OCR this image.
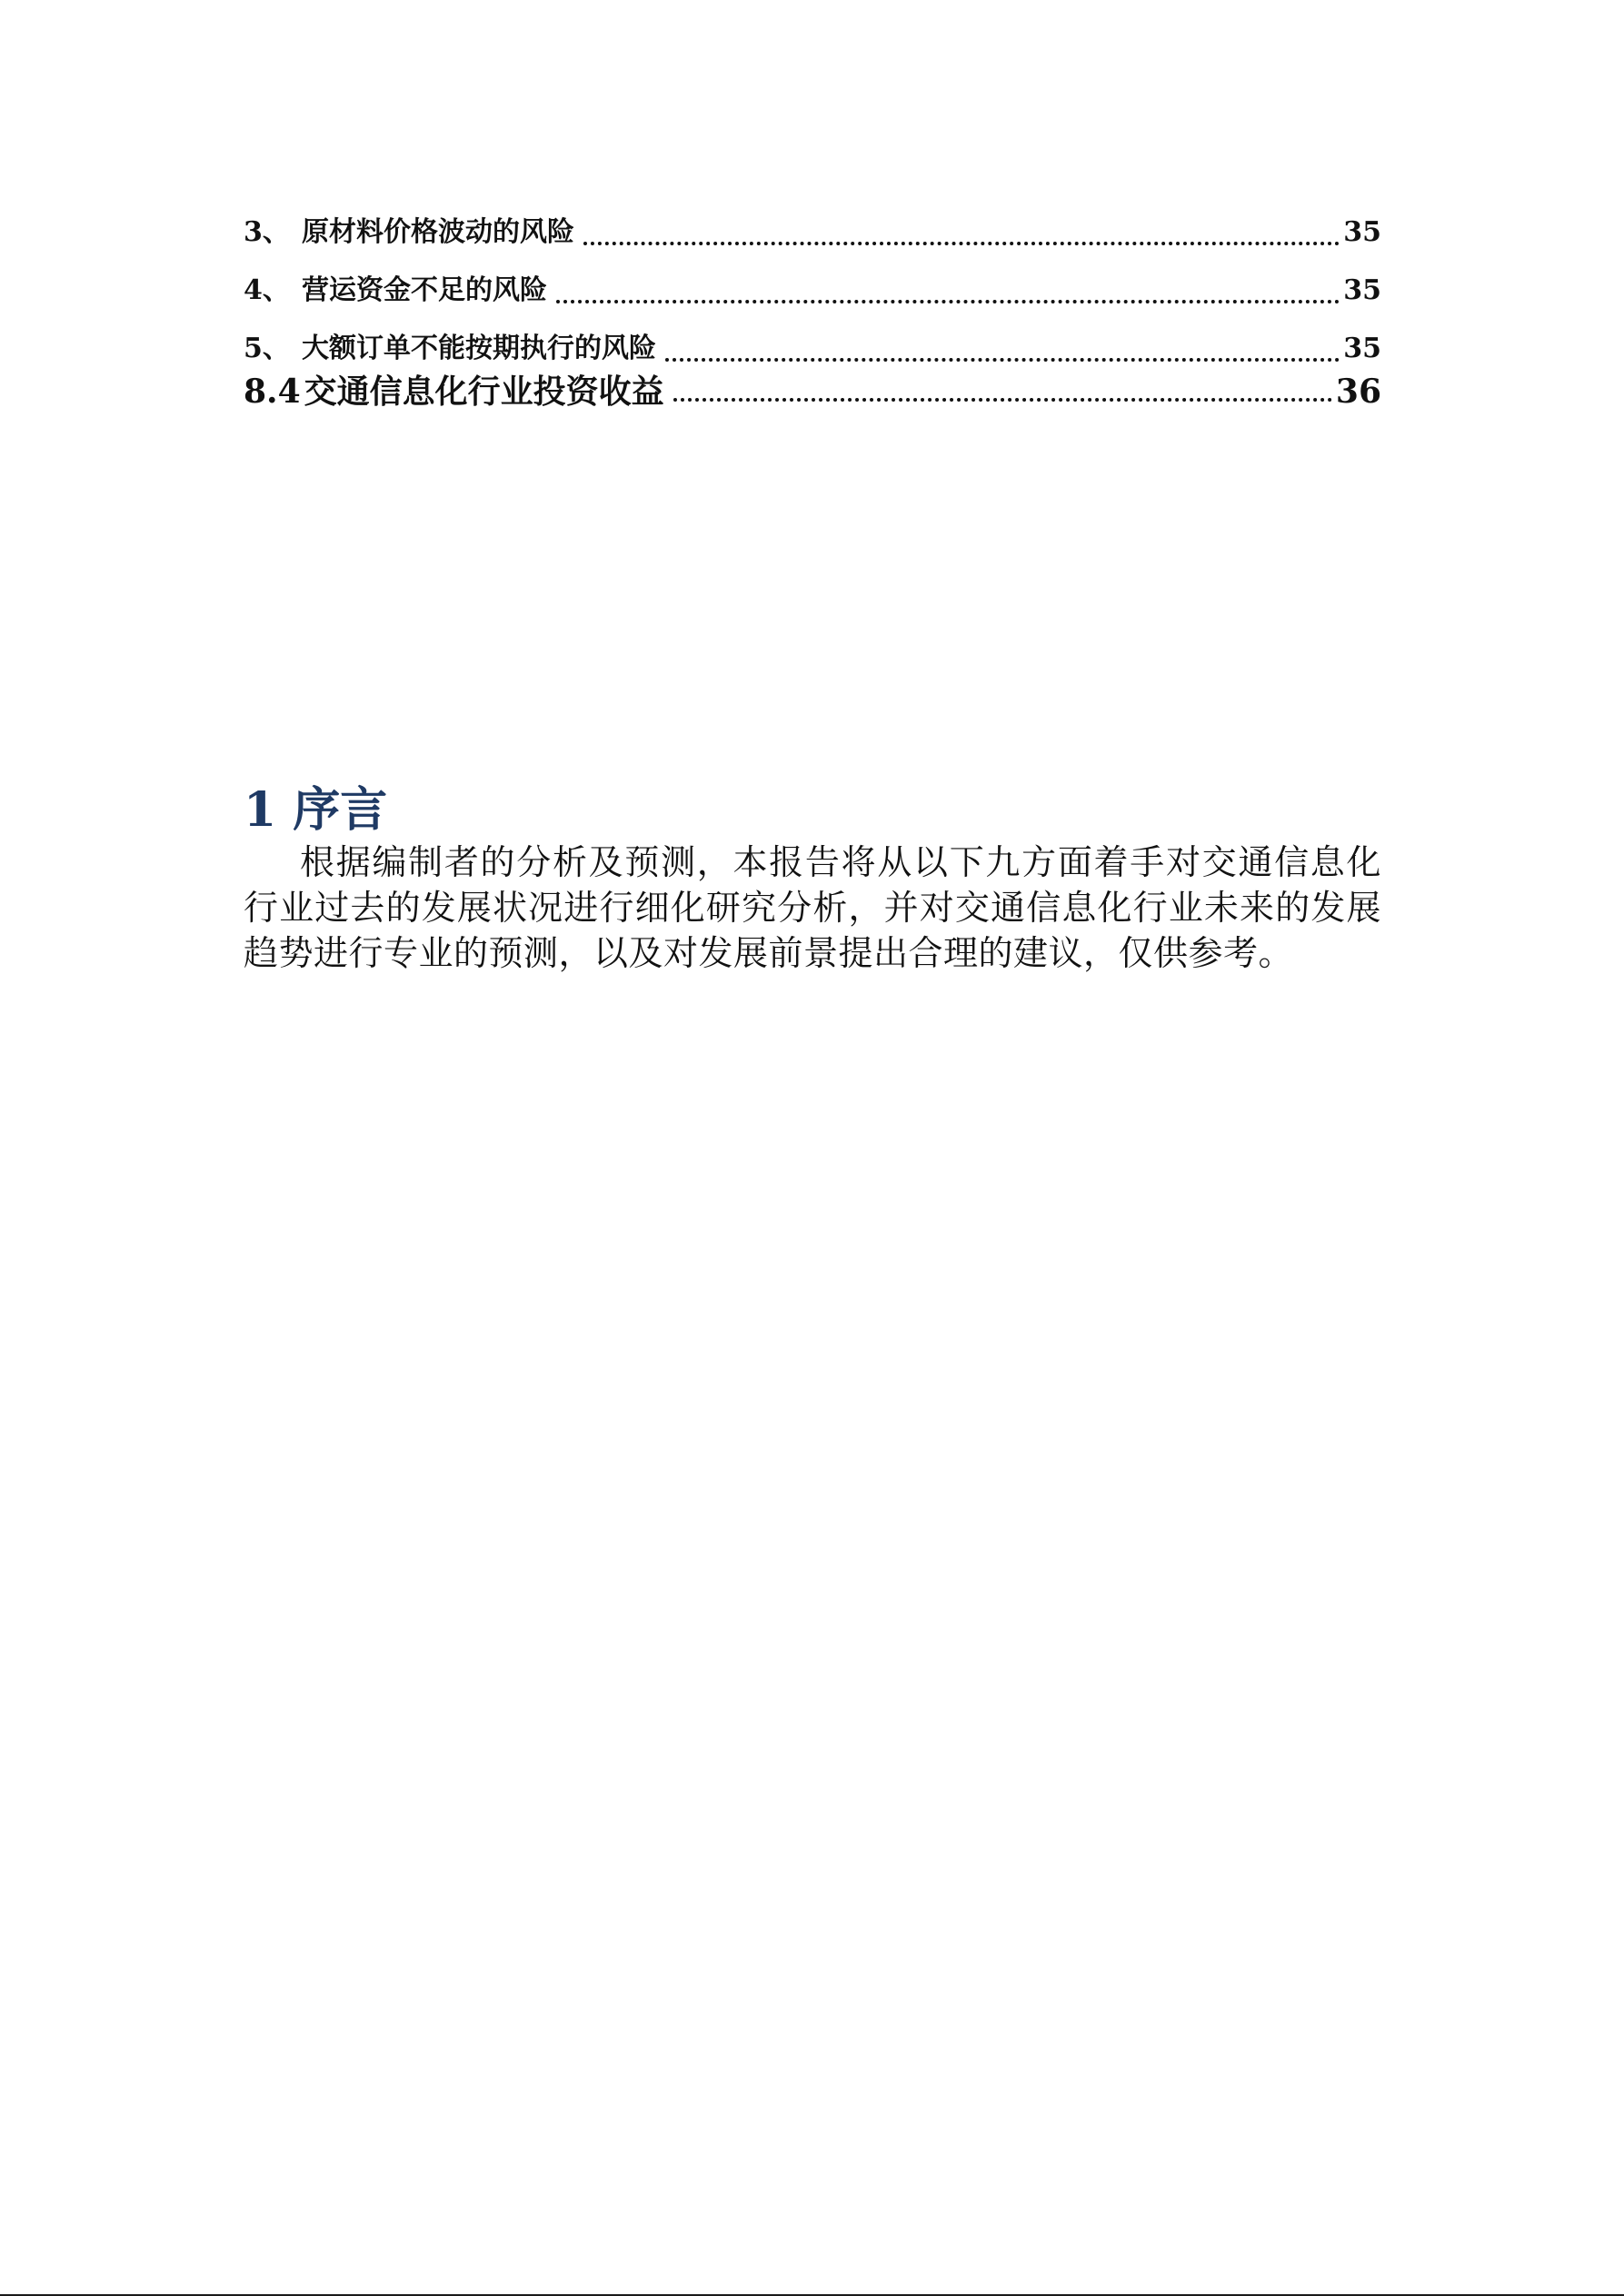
3、 原材料价格波动的风险	35
4、 营运资金不足的风险	35
5、 大额订单不能按期执行的风险	35
8.4 交通信息化行业投资收益	36
1 序言

根据编制者的分析及预测，本报告将从以下九方面着手对交通信息化行业过去的发展状况进行细化研究分析，并对交通信息化行业未来的发展趋势进行专业的预测，以及对发展前景提出合理的建议，仅供参考。
